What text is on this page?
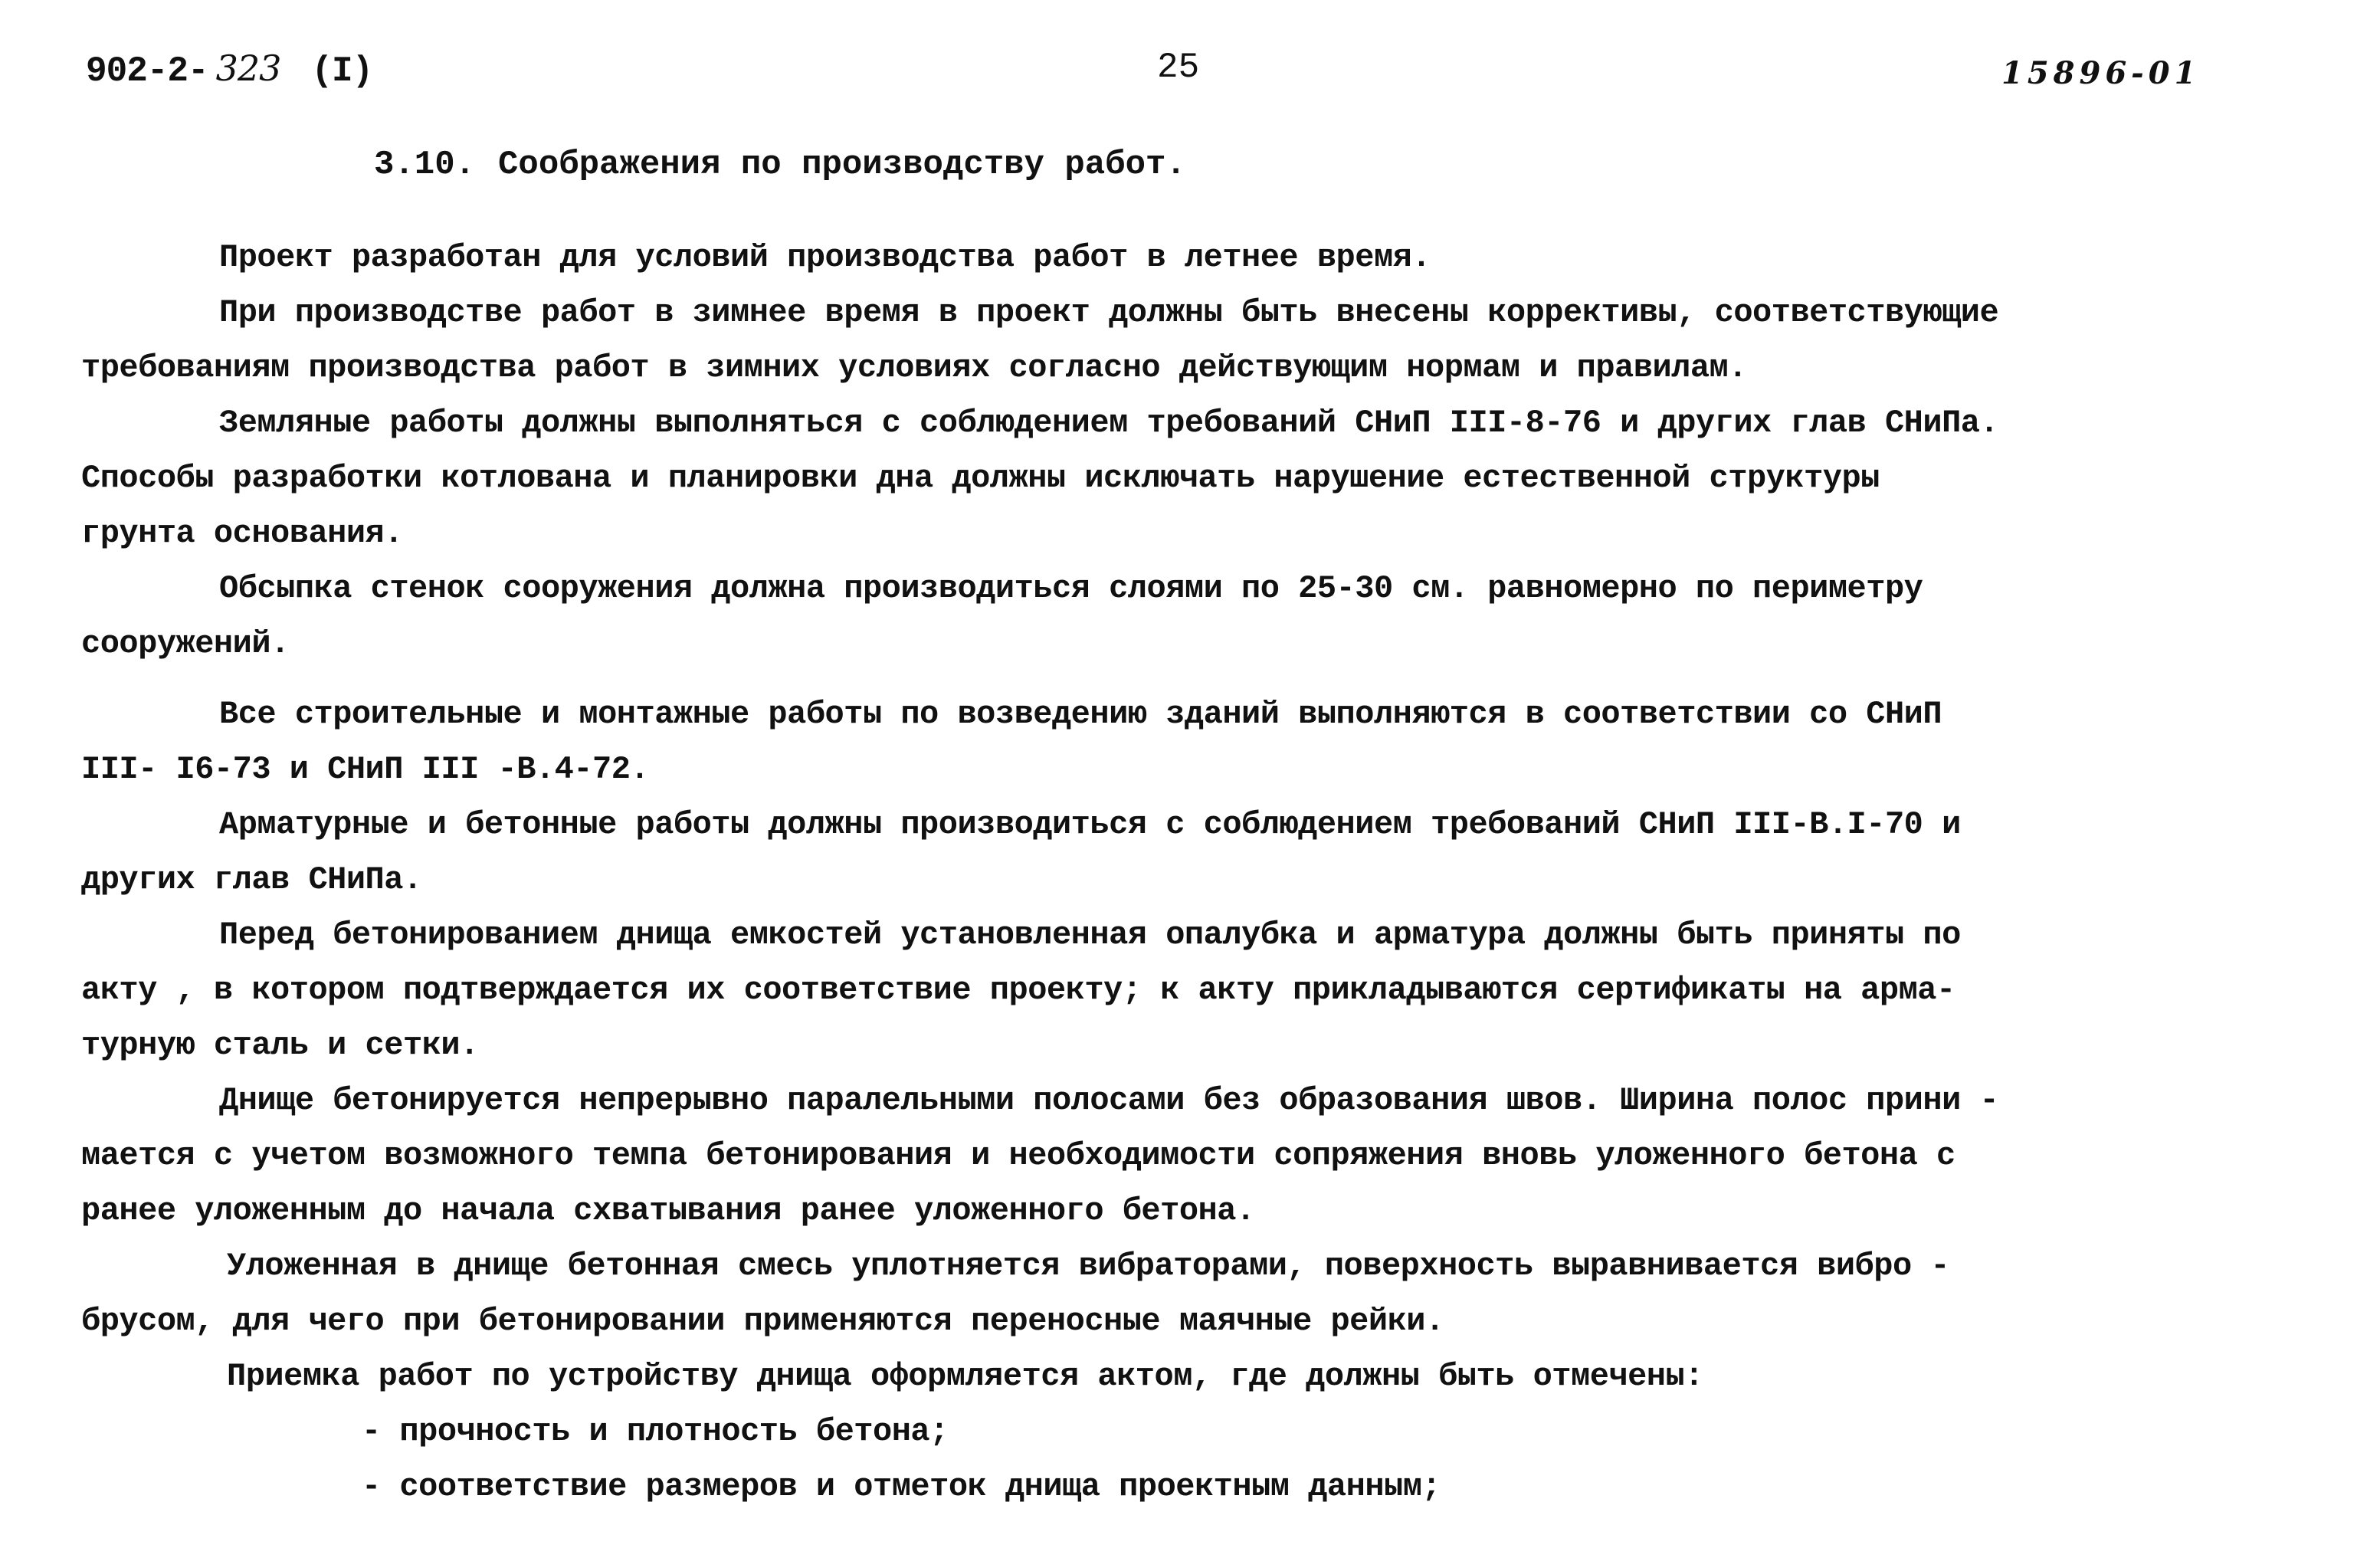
902-2- 323 (I)	25	15896-01
3.10. Соображения по производству работ.
Проект разработан для условий производства работ в летнее время.
При производстве работ в зимнее время в проект должны быть внесены коррективы, соответствующие
требованиям производства работ в зимних условиях согласно действующим нормам и правилам.
Земляные работы должны выполняться с соблюдением требований СНиП III-8-76 и других глав СНиПа.
Способы разработки котлована и планировки дна должны исключать нарушение естественной структуры
грунта основания.
Обсыпка стенок сооружения должна производиться слоями по 25-30 см. равномерно по периметру
сооружений.
Все строительные и монтажные работы по возведению зданий выполняются в соответствии со СНиП
III- I6-73 и СНиП III -В.4-72.
Арматурные и бетонные работы должны производиться с соблюдением требований СНиП III-В.I-70 и
других глав СНиПа.
Перед бетонированием днища емкостей установленная опалубка и арматура должны быть приняты по
акту , в котором подтверждается их соответствие проекту; к акту прикладываются сертификаты на арма-
турную сталь и сетки.
Днище бетонируется непрерывно паралельными полосами без образования швов. Ширина полос прини -
мается с учетом возможного темпа бетонирования и необходимости сопряжения вновь уложенного бетона с
ранее уложенным до начала схватывания ранее уложенного бетона.
Уложенная в днище бетонная смесь уплотняется вибраторами, поверхность выравнивается вибро -
брусом, для чего при бетонировании применяются переносные маячные рейки.
Приемка работ по устройству днища оформляется актом, где должны быть отмечены:
- прочность и плотность бетона;
- соответствие размеров и отметок днища проектным данным;
